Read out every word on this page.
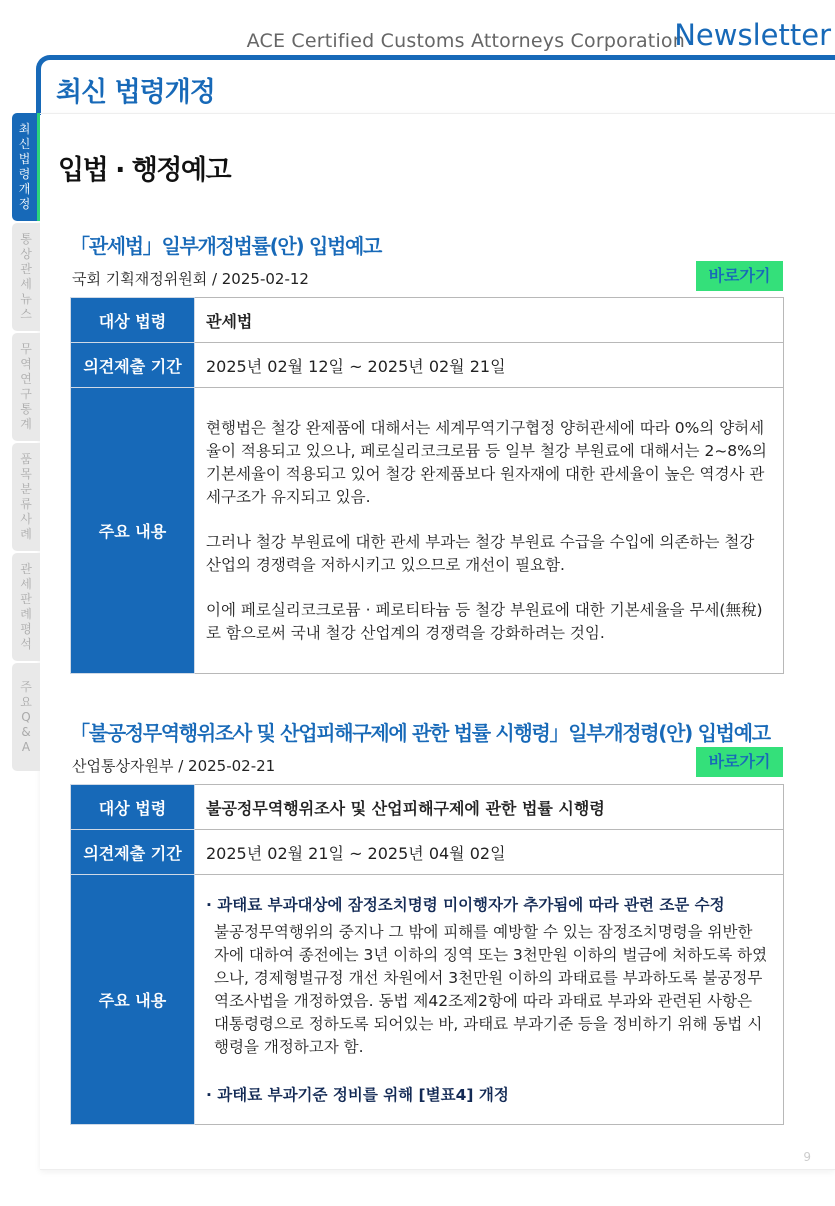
ACE Certified Customs Attorneys Corporation
Newsletter
최신 법령개정
최신법령개정
통상관세뉴스
무역연구통계
품목분류사례
관세판례평석
주요Q&A
입법 · 행정예고
「관세법」일부개정법률(안) 입법예고
국회 기획재정위원회 / 2025-02-12	바로가기
대상 법령	관세법
의견제출 기간	2025년 02월 12일 ~ 2025년 02월 21일
주요 내용	현행법은 철강 완제품에 대해서는 세계무역기구협정 양허관세에 따라 0%의 양허세율이 적용되고 있으나, 페로실리코크로뮴 등 일부 철강 부원료에 대해서는 2~8%의 기본세율이 적용되고 있어 철강 완제품보다 원자재에 대한 관세율이 높은 역경사 관세구조가 유지되고 있음.

그러나 철강 부원료에 대한 관세 부과는 철강 부원료 수급을 수입에 의존하는 철강 산업의 경쟁력을 저하시키고 있으므로 개선이 필요함.

이에 페로실리코크로뮴 · 페로티타늄 등 철강 부원료에 대한 기본세율을 무세(無稅)로 함으로써 국내 철강 산업계의 경쟁력을 강화하려는 것임.

「불공정무역행위조사 및 산업피해구제에 관한 법률 시행령」일부개정령(안) 입법예고
산업통상자원부 / 2025-02-21	바로가기
대상 법령	불공정무역행위조사 및 산업피해구제에 관한 법률 시행령
의견제출 기간	2025년 02월 21일 ~ 2025년 04월 02일
주요 내용	· 과태료 부과대상에 잠정조치명령 미이행자가 추가됨에 따라 관련 조문 수정
불공정무역행위의 중지나 그 밖에 피해를 예방할 수 있는 잠정조치명령을 위반한 자에 대하여 종전에는 3년 이하의 징역 또는 3천만원 이하의 벌금에 처하도록 하였으나, 경제형벌규정 개선 차원에서 3천만원 이하의 과태료를 부과하도록 불공정무역조사법을 개정하였음. 동법 제42조제2항에 따라 과태료 부과와 관련된 사항은 대통령령으로 정하도록 되어있는 바, 과태료 부과기준 등을 정비하기 위해 동법 시행령을 개정하고자 함.
· 과태료 부과기준 정비를 위해 [별표4] 개정
9
